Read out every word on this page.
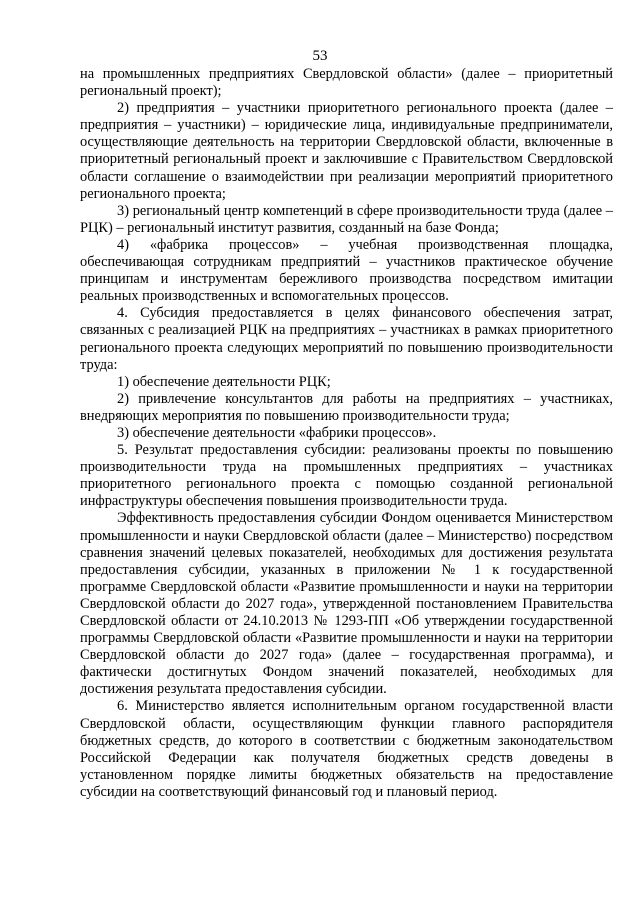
53

на промышленных предприятиях Свердловской области» (далее – приоритетный региональный проект);

2) предприятия – участники приоритетного регионального проекта (далее – предприятия – участники) – юридические лица, индивидуальные предприниматели, осуществляющие деятельность на территории Свердловской области, включенные в приоритетный региональный проект и заключившие с Правительством Свердловской области соглашение о взаимодействии при реализации мероприятий приоритетного регионального проекта;

3) региональный центр компетенций в сфере производительности труда (далее – РЦК) – региональный институт развития, созданный на базе Фонда;

4) «фабрика процессов» – учебная производственная площадка, обеспечивающая сотрудникам предприятий – участников практическое обучение принципам и инструментам бережливого производства посредством имитации реальных производственных и вспомогательных процессов.

4. Субсидия предоставляется в целях финансового обеспечения затрат, связанных с реализацией РЦК на предприятиях – участниках в рамках приоритетного регионального проекта следующих мероприятий по повышению производительности труда:

1) обеспечение деятельности РЦК;

2) привлечение консультантов для работы на предприятиях – участниках, внедряющих мероприятия по повышению производительности труда;

3) обеспечение деятельности «фабрики процессов».

5. Результат предоставления субсидии: реализованы проекты по повышению производительности труда на промышленных предприятиях – участниках приоритетного регионального проекта с помощью созданной региональной инфраструктуры обеспечения повышения производительности труда.

Эффективность предоставления субсидии Фондом оценивается Министерством промышленности и науки Свердловской области (далее – Министерство) посредством сравнения значений целевых показателей, необходимых для достижения результата предоставления субсидии, указанных в приложении № 1 к государственной программе Свердловской области «Развитие промышленности и науки на территории Свердловской области до 2027 года», утвержденной постановлением Правительства Свердловской области от 24.10.2013 № 1293-ПП «Об утверждении государственной программы Свердловской области «Развитие промышленности и науки на территории Свердловской области до 2027 года» (далее – государственная программа), и фактически достигнутых Фондом значений показателей, необходимых для достижения результата предоставления субсидии.

6. Министерство является исполнительным органом государственной власти Свердловской области, осуществляющим функции главного распорядителя бюджетных средств, до которого в соответствии с бюджетным законодательством Российской Федерации как получателя бюджетных средств доведены в установленном порядке лимиты бюджетных обязательств на предоставление субсидии на соответствующий финансовый год и плановый период.
